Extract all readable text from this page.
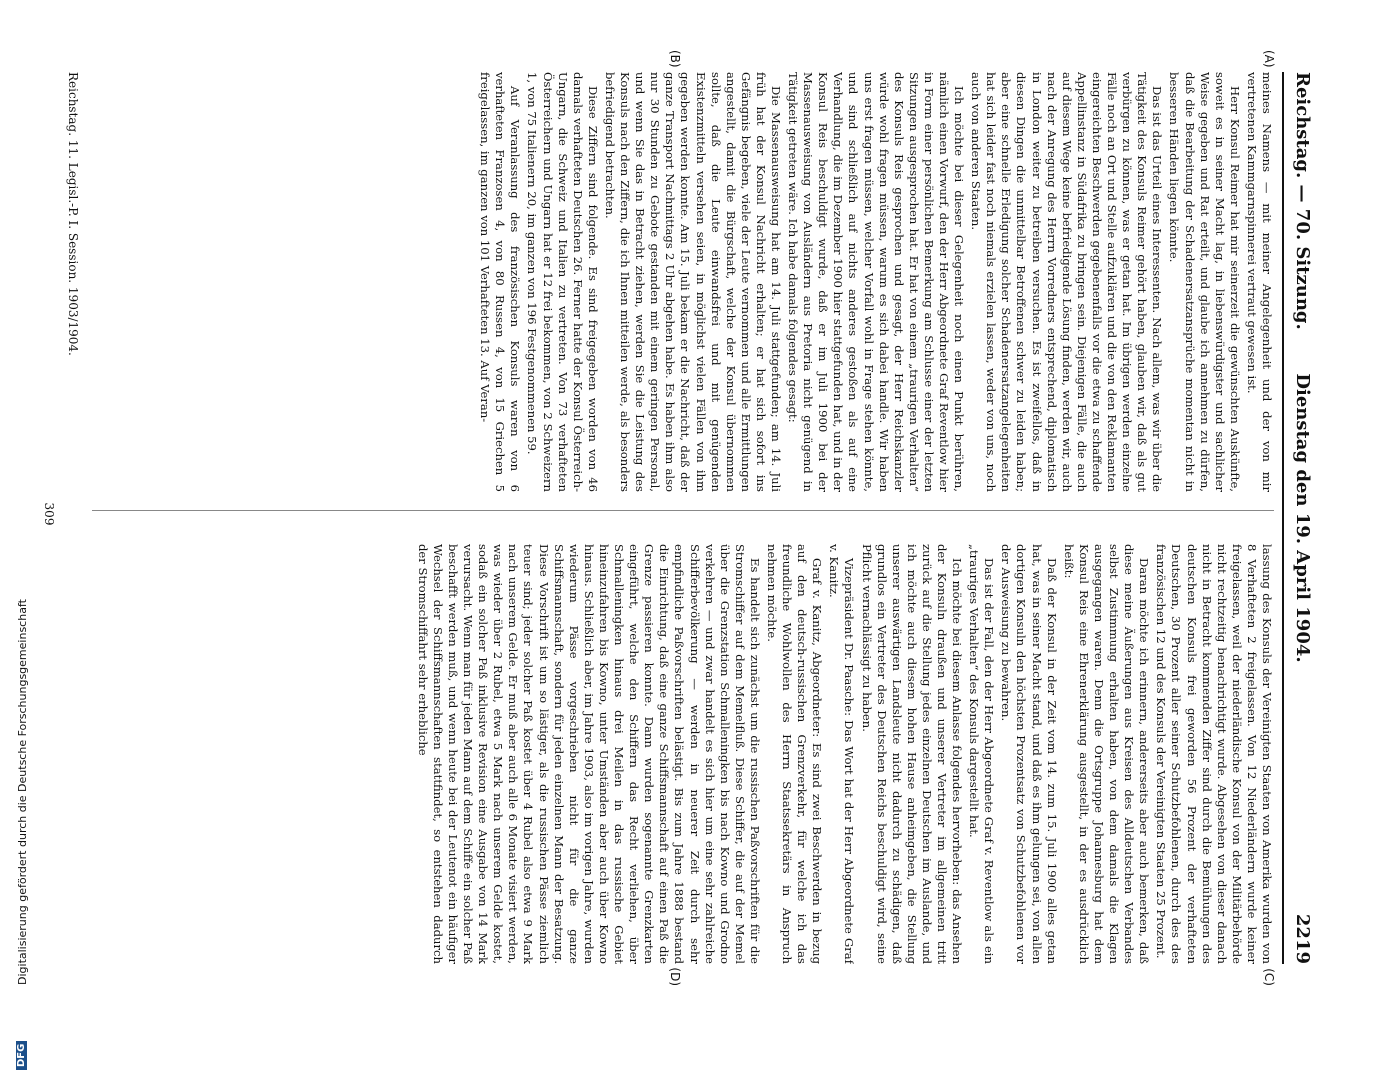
Reichstag. — 70. Sitzung.
Dienstag den 19. April 1904.
2219
(A)
(B)
(C)
(D)

meines Namens — mit meiner Angelegenheit und der von mir vertretenen Kammgarnspinnerei vertraut gewesen ist.

Herr Konsul Reimer hat mir seinerzeit die gewünschten Auskünfte, soweit es in seiner Macht lag, in liebenswürdigster und sachlicher Weise gegeben und Rat erteilt, und glaube ich annehmen zu dürfen, daß die Bearbeitung der Schadenersatzansprüche momentan nicht in besseren Händen liegen könnte.

Das ist das Urteil eines Interessenten. Nach allem, was wir über die Tätigkeit des Konsuls Reimer gehört haben, glauben wir, daß als gut verbürgen zu können, was er getan hat. Im übrigen werden einzelne Fälle noch an Ort und Stelle aufzuklären und die von den Reklamanten eingereichten Beschwerden gegebenenfalls vor die etwa zu schaffende Appellinstanz in Südafrika zu bringen sein. Diejenigen Fälle, die auch auf diesem Wege keine befriedigende Lösung finden, werden wir, auch nach der Anregung des Herrn Vorredners entsprechend, diplomatisch in London weiter zu betreiben versuchen. Es ist zweifellos, daß in diesen Dingen die unmittelbar Betroffenen schwer zu leiden haben; aber eine schnelle Erledigung solcher Schadenersatzangelegenheiten hat sich leider fast noch niemals erzielen lassen, weder von uns, noch auch von anderen Staaten.

Ich möchte bei dieser Gelegenheit noch einen Punkt berühren, nämlich einen Vorwurf, den der Herr Abgeordnete Graf Reventlow hier in Form einer persönlichen Bemerkung am Schlusse einer der letzten Sitzungen ausgesprochen hat. Er hat von einem „traurigen Verhalten“ des Konsuls Reis gesprochen und gesagt, der Herr Reichskanzler würde wohl fragen müssen, warum es sich dabei handle. Wir haben uns erst fragen müssen, welcher Vorfall wohl in Frage stehen könnte, und sind schließlich auf nichts anderes gestoßen als auf eine Verhandlung, die im Dezember 1900 hier stattgefunden hat, und in der Konsul Reis beschuldigt wurde, daß er im Juli 1900 bei der Massenausweisung von Ausländern aus Pretoria nicht genügend in Tätigkeit getreten wäre. Ich habe damals folgendes gesagt:

Die Massenausweisung hat am 14. Juli stattgefunden; am 14. Juli früh hat der Konsul Nachricht erhalten; er hat sich sofort ins Gefängnis begeben, viele der Leute vernommen und alle Ermittlungen angestellt, damit die Bürgschaft, welche der Konsul übernommen sollte, daß die Leute einwandsfrei und mit genügenden Existenzmitteln versehen seien, in möglichst vielen Fällen von ihm gegeben werden konnte. Am 15. Juli bekam er die Nachricht, daß der ganze Transport Nachmittags 2 Uhr abgehen habe. Es haben ihm also nur 30 Stunden zu Gebote gestanden mit einem geringen Personal, und wenn Sie das in Betracht ziehen, werden Sie die Leistung des Konsuls nach den Ziffern, die ich Ihnen mitteilen werde, als besonders befriedigend betrachten.

Diese Ziffern sind folgende. Es sind freigegeben worden von 46 damals verhafteten Deutschen 26. Ferner hatte der Konsul Österreich-Ungarn, die Schweiz und Italien zu vertreten. Von 73 verhafteten Österreichern und Ungarn hat er 12 frei bekommen, von 2 Schweizern 1, von 75 Italienern 20, im ganzen von 196 Festgenommenen 59.

Auf Veranlassung des französischen Konsuls waren von 6 verhafteten Franzosen 4, von 80 Russen 4, von 15 Griechen 5 freigelassen, im ganzen von 101 Verhafteten 13. Auf Veran-

lassung des Konsuls der Vereinigten Staaten von Amerika wurden von 8 Verhafteten 2 freigelassen. Von 12 Niederländern wurde keiner freigelassen, weil der niederländische Konsul von der Militärbehörde nicht rechtzeitig benachrichtigt wurde. Abgesehen von dieser danach nicht in Betracht kommenden Ziffer sind durch die Bemühungen des deutschen Konsuls frei geworden 56 Prozent der verhafteten Deutschen, 30 Prozent aller seiner Schutzbefohlenen, durch des des französischen 12 und des Konsuls der Vereinigten Staaten 25 Prozent.

Daran möchte ich erinnern, andererseits aber auch bemerken, daß diese meine Äußerungen aus Kreisen des Alldeutschen Verbandes selbst Zustimmung erhalten haben, von dem damals die Klagen ausgegangen waren. Denn die Ortsgruppe Johannesburg hat dem Konsul Reis eine Ehrenerklärung ausgestellt, in der es ausdrücklich heißt:

Daß der Konsul in der Zeit vom 14. zum 15. Juli 1900 alles getan hat, was in seiner Macht stand, und daß es ihm gelungen sei, von allen dortigen Konsuln den höchsten Prozentsatz von Schutzbefohlenen vor der Ausweisung zu bewahren.

Das ist der Fall, den der Herr Abgeordnete Graf v. Reventlow als ein „trauriges Verhalten“ des Konsuls dargestellt hat.

Ich möchte bei diesem Anlasse folgendes hervorheben: das Ansehen der Konsuln draußen und unserer Vertreter im allgemeinen tritt zurück auf die Stellung jedes einzelnen Deutschen im Auslande, und ich möchte auch diesem hohen Hause anheimgeben, die Stellung unserer auswärtigen Landsleute nicht dadurch zu schädigen, daß grundlos ein Vertreter des Deutschen Reichs beschuldigt wird, seine Pflicht vernachlässigt zu haben.

Vizepräsident Dr. Paasche: Das Wort hat der Herr Abgeordnete Graf v. Kanitz.

Graf v. Kanitz, Abgeordneter: Es sind zwei Beschwerden in bezug auf den deutsch-russischen Grenzverkehr, für welche ich das freundliche Wohlwollen des Herrn Staatssekretärs in Anspruch nehmen möchte.

Es handelt sich zunächst um die russischen Paßvorschriften für die Stromschiffer auf dem Memelfluß. Diese Schiffer, die auf der Memel über die Grenzstation Schmalleningken bis nach Kowno und Grodno verkehren — und zwar handelt es sich hier um eine sehr zahlreiche Schifferbevölkerung — werden in neuerer Zeit durch sehr empfindliche Paßvorschriften belästigt. Bis zum Jahre 1888 bestand die Einrichtung, daß eine ganze Schiffsmannschaft auf einen Paß die Grenze passieren konnte. Dann wurden sogenannte Grenzkarten eingeführt, welche den Schiffern das Recht verliehen, über Schmalleningken hinaus drei Meilen in das russische Gebiet hineinzufahren bis Kowno, unter Umständen aber auch über Kowno hinaus. Schließlich aber, im Jahre 1903, also im vorigen Jahre, wurden wiederum Pässe vorgeschrieben nicht für die ganze Schiffsmannschaft, sondern für jeden einzelnen Mann der Besatzung. Diese Vorschrift ist um so lästiger, als die russischen Pässe ziemlich teuer sind; jeder solcher Paß kostet über 4 Rubel also etwa 9 Mark nach unserem Gelde. Er muß aber auch alle 6 Monate visiert werden, was wieder über 2 Rubel, etwa 5 Mark nach unserem Gelde kostet, sodaß ein solcher Paß inklusive Revision eine Ausgabe von 14 Mark verursacht. Wenn man für jeden Mann auf dem Schiffe ein solcher Paß beschafft werden muß, und wenn heute bei der Leutenot ein häufiger Wechsel der Schiffsmannschaften stattfindet, so entstehen dadurch der Stromschiffahrt sehr erhebliche

Reichstag. 11. Legisl.-P. I. Session. 1903/1904.
309
Digitalisierung gefördert durch die Deutsche Forschungsgemeinschaft
DFG
